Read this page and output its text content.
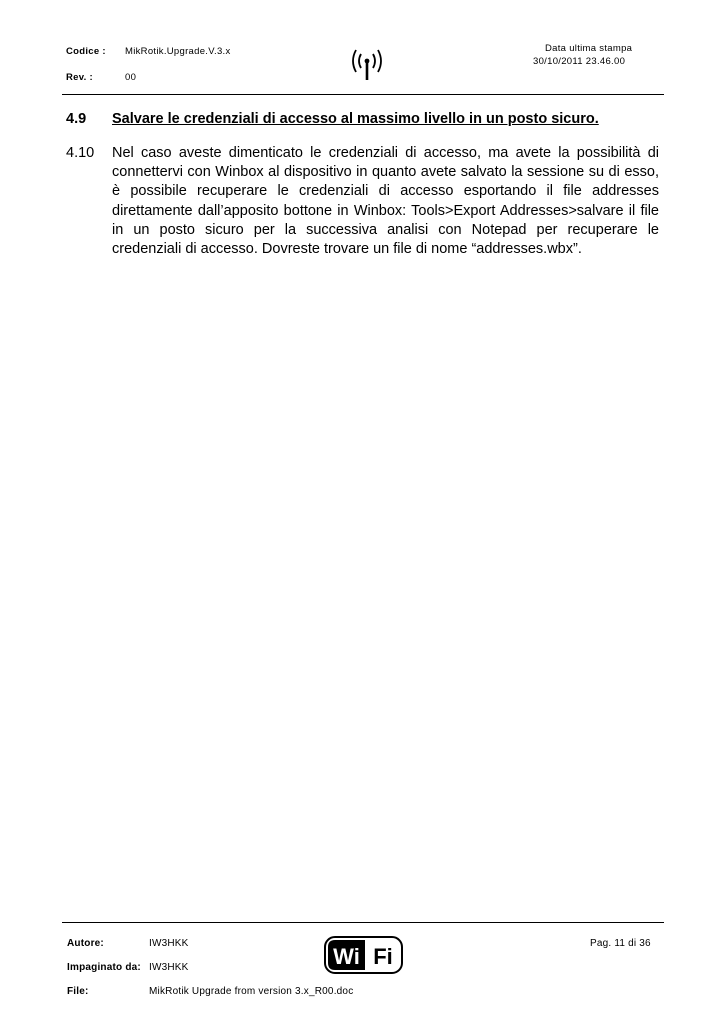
Codice : MikRotik.Upgrade.V.3.x
Rev. :	00
Data ultima stampa
30/10/2011 23.46.00
4.9 Salvare le credenziali di accesso al massimo livello in un posto sicuro.
4.10 Nel caso aveste dimenticato le credenziali di accesso, ma avete la possibilità di connettervi con Winbox al dispositivo in quanto avete salvato la sessione su di esso, è possibile recuperare le credenziali di accesso esportando il file addresses direttamente dall’apposito bottone in Winbox: Tools>Export Addresses>salvare il file in un posto sicuro per la successiva analisi con Notepad per recuperare le credenziali di accesso. Dovreste trovare un file di nome “addresses.wbx”.
Autore:	IW3HKK
Impaginato da: IW3HKK
File:	MikRotik Upgrade from version 3.x_R00.doc
Pag. 11 di 36
Wi Fi
